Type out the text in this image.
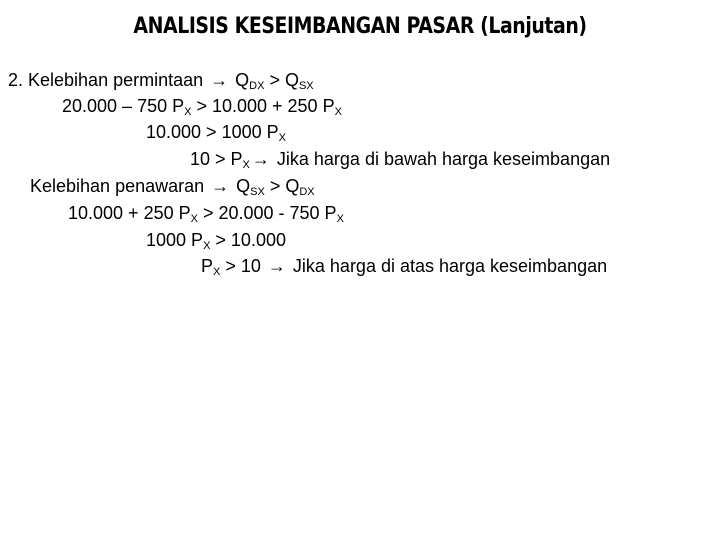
ANALISIS KESEIMBANGAN PASAR (Lanjutan)
2. Kelebihan permintaan → $Q_{DX} > Q_{SX}$
20.000 – 750 $P_X > 10.000 + 250$ $P_X$
10.000 > 1000 $P_X$
$10 > P_X$ → Jika harga di bawah harga keseimbangan
Kelebihan penawaran → $Q_{SX} > Q_{DX}$
10.000 + 250 $P_X > 20.000 - 750$ $P_X$
1000 $P_X > 10.000$
$P_X > 10$ → Jika harga di atas harga keseimbangan
